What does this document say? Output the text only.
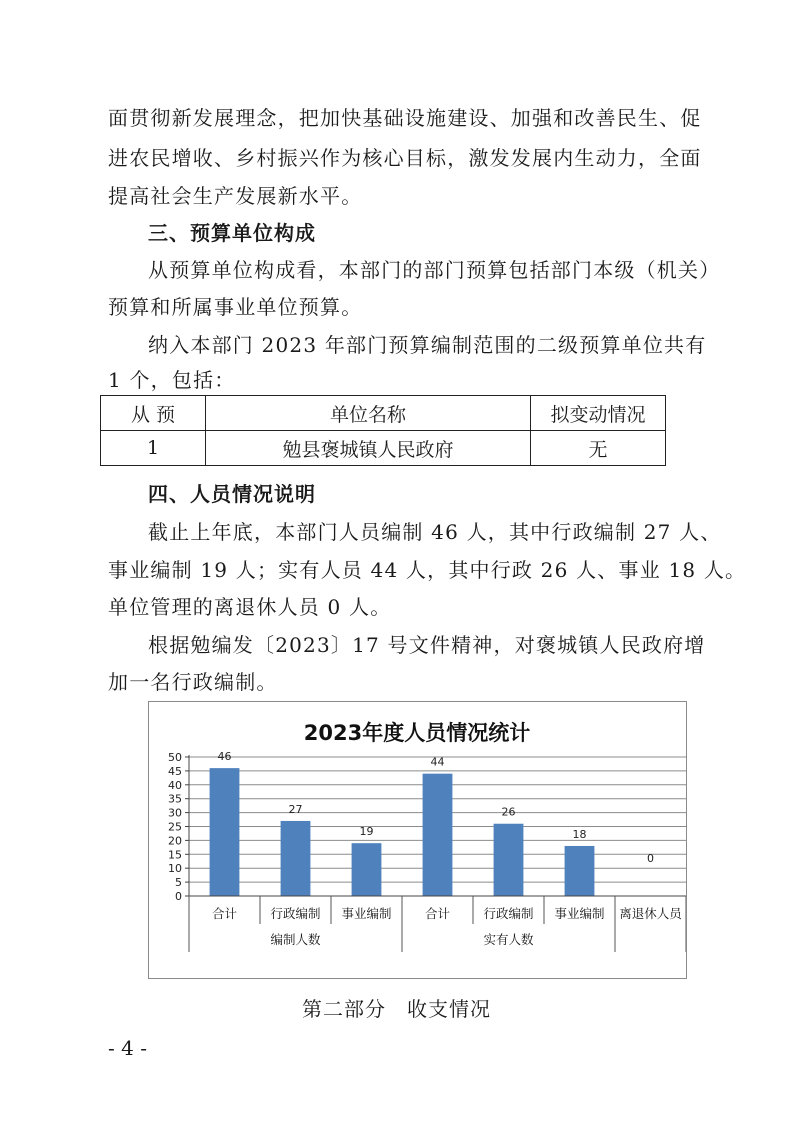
面贯彻新发展理念，把加快基础设施建设、加强和改善民生、促
进农民增收、乡村振兴作为核心目标，激发发展内生动力，全面
提高社会生产发展新水平。
三、预算单位构成
从预算单位构成看，本部门的部门预算包括部门本级（机关）
预算和所属事业单位预算。
纳入本部门 2023 年部门预算编制范围的二级预算单位共有
1 个，包括：
从 预	单位名称	拟变动情况
1	勉县褒城镇人民政府	无
四、人员情况说明
截止上年底，本部门人员编制 46 人，其中行政编制 27 人、
事业编制 19 人；实有人员 44 人，其中行政 26 人、事业 18 人。
单位管理的离退休人员 0 人。
根据勉编发〔2023〕17 号文件精神，对褒城镇人民政府增
加一名行政编制。
2023年度人员情况统计
46
27
19
44
26
18
0
0
5
10
15
20
25
30
35
40
45
50
合计	行政编制 事业编制	合计	行政编制 事业编制 离退休人员
编制人数	实有人数
第二部分　收支情况
- 4 -
